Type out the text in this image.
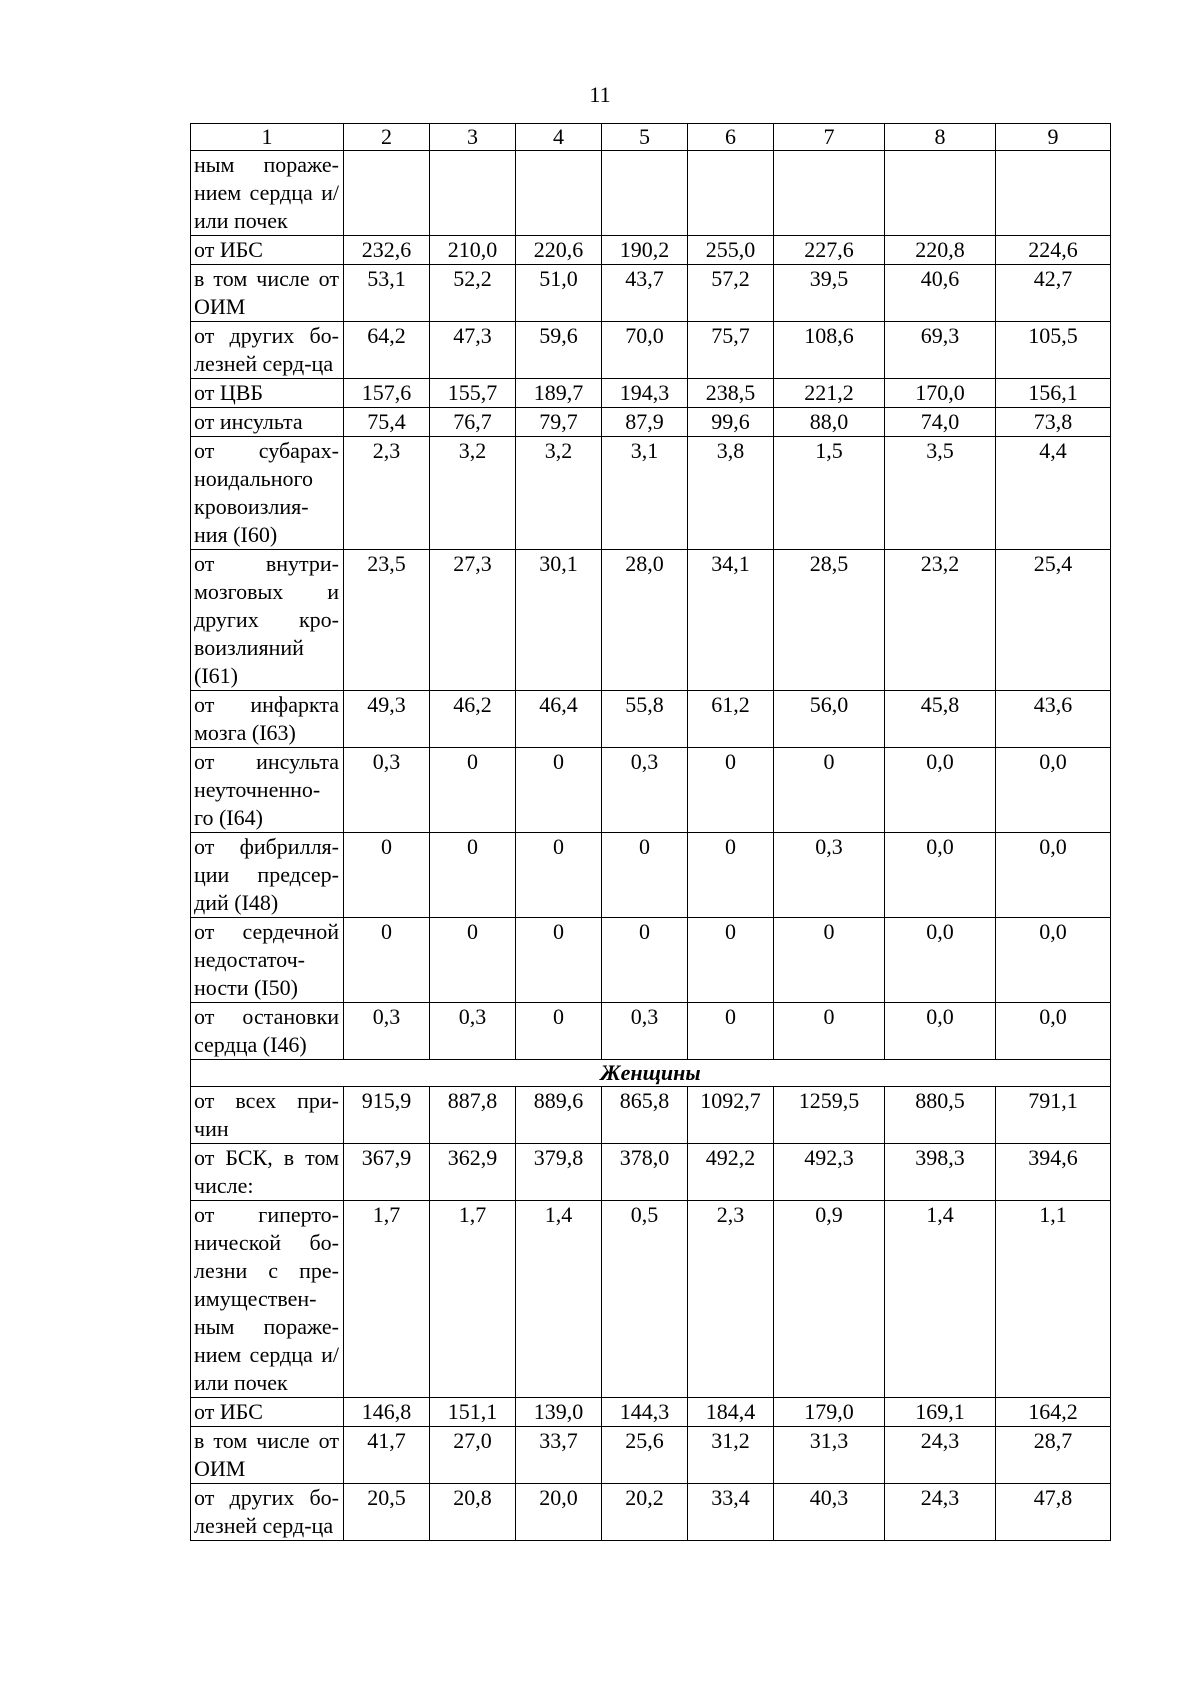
11
1	2	3	4	5	6	7	8	9
ным пораже-нием сердца и/или почек								
от ИБС	232,6	210,0	220,6	190,2	255,0	227,6	220,8	224,6
в том числе от ОИМ	53,1	52,2	51,0	43,7	57,2	39,5	40,6	42,7
от других бо-лезней серд-ца	64,2	47,3	59,6	70,0	75,7	108,6	69,3	105,5
от ЦВБ	157,6	155,7	189,7	194,3	238,5	221,2	170,0	156,1
от инсульта	75,4	76,7	79,7	87,9	99,6	88,0	74,0	73,8
от субарах-ноидального кровоизлия-ния (I60)	2,3	3,2	3,2	3,1	3,8	1,5	3,5	4,4
от внутри-мозговых и других кро-воизлияний (I61)	23,5	27,3	30,1	28,0	34,1	28,5	23,2	25,4
от инфаркта мозга (I63)	49,3	46,2	46,4	55,8	61,2	56,0	45,8	43,6
от инсульта неуточненно-го (I64)	0,3	0	0	0,3	0	0	0,0	0,0
от фибрилля-ции предсер-дий (I48)	0	0	0	0	0	0,3	0,0	0,0
от сердечной недостаточ-ности (I50)	0	0	0	0	0	0	0,0	0,0
от остановки сердца (I46)	0,3	0,3	0	0,3	0	0	0,0	0,0
Женщины								
от всех при-чин	915,9	887,8	889,6	865,8	1092,7	1259,5	880,5	791,1
от БСК, в том числе:	367,9	362,9	379,8	378,0	492,2	492,3	398,3	394,6
от гиперто-нической бо-лезни с пре-имуществен-ным пораже-нием сердца и/или почек	1,7	1,7	1,4	0,5	2,3	0,9	1,4	1,1
от ИБС	146,8	151,1	139,0	144,3	184,4	179,0	169,1	164,2
в том числе от ОИМ	41,7	27,0	33,7	25,6	31,2	31,3	24,3	28,7
от других бо-лезней серд-ца	20,5	20,8	20,0	20,2	33,4	40,3	24,3	47,8
